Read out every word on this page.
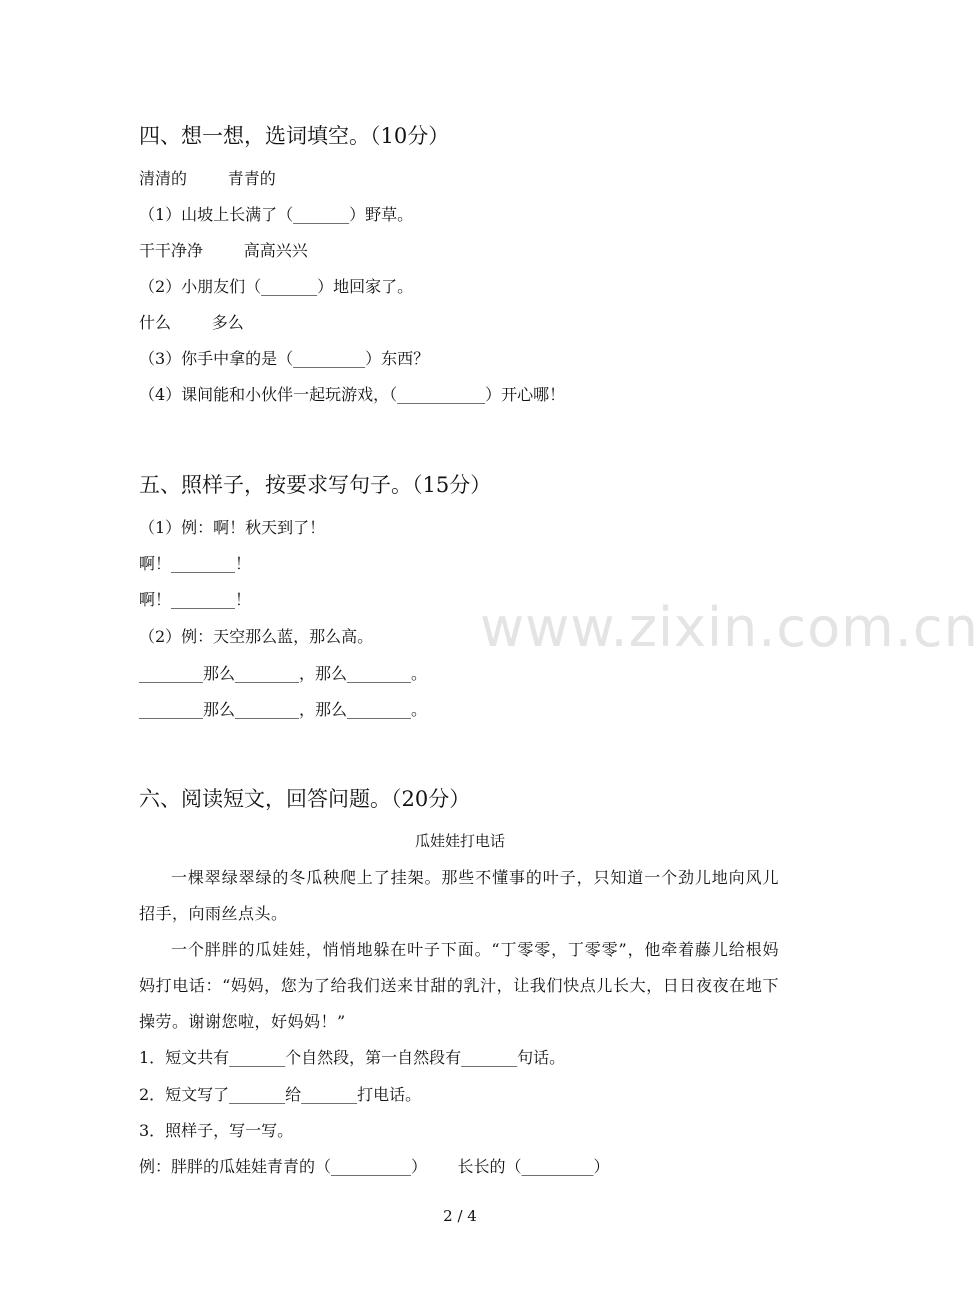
www.zixin.com.cn
四、想一想，选词填空。（10分）
清清的        青青的
（1）山坡上长满了（_______）野草。
干干净净        高高兴兴
（2）小朋友们（_______）地回家了。
什么        多么
（3）你手中拿的是（_________）东西？
（4）课间能和小伙伴一起玩游戏，（___________）开心哪！
五、照样子，按要求写句子。（15分）
（1）例：啊！秋天到了！
啊！________！
啊！________！
（2）例：天空那么蓝，那么高。
________那么________，那么________。
________那么________，那么________。
六、阅读短文，回答问题。（20分）
瓜娃娃打电话
一棵翠绿翠绿的冬瓜秧爬上了挂架。那些不懂事的叶子，只知道一个劲儿地向风儿招手，向雨丝点头。
一个胖胖的瓜娃娃，悄悄地躲在叶子下面。“丁零零，丁零零”，他牵着藤儿给根妈妈打电话：“妈妈，您为了给我们送来甘甜的乳汁，让我们快点儿长大，日日夜夜在地下操劳。谢谢您啦，好妈妈！”
1．短文共有_______个自然段，第一自然段有_______句话。
2．短文写了_______给_______打电话。
3．照样子，写一写。
例：胖胖的瓜娃娃青青的（__________）      长长的（_________）
2 / 4
